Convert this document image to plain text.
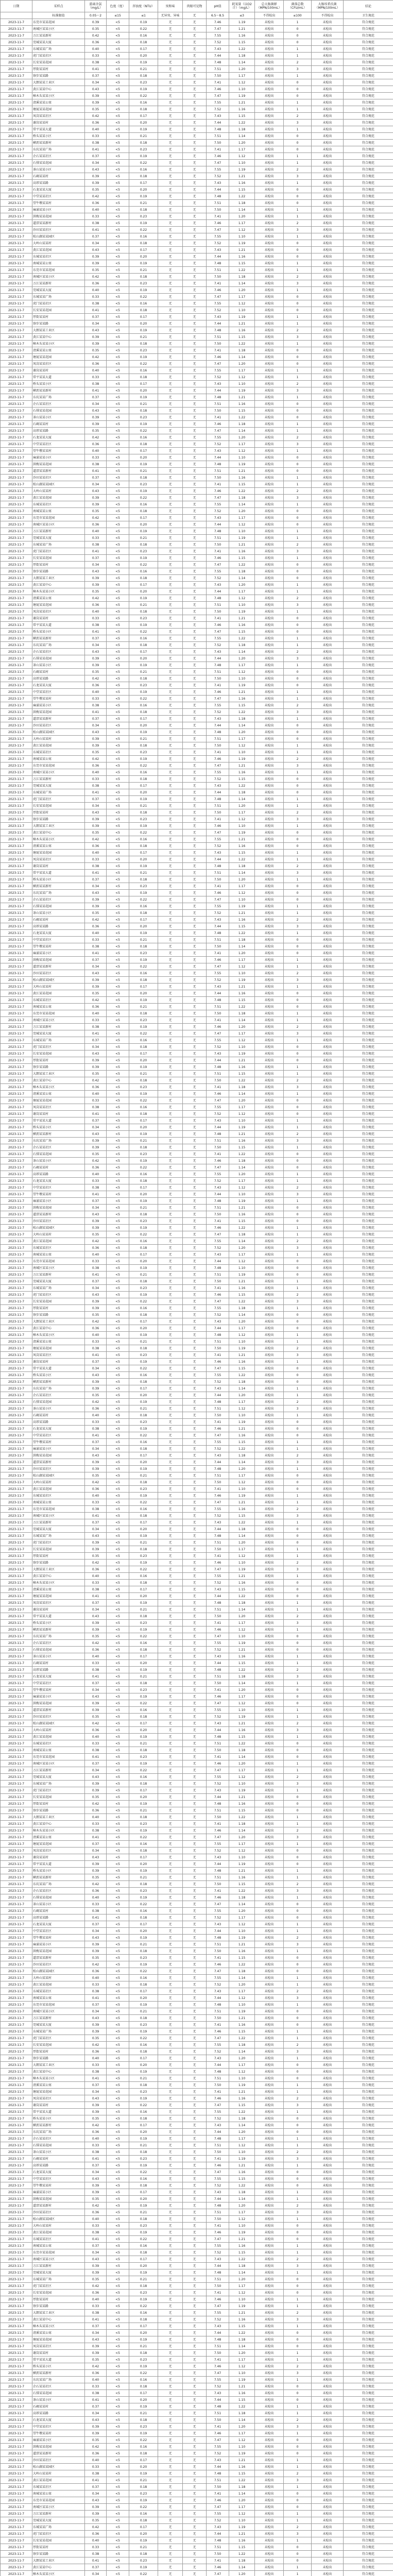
日期	采样点	游离余氯（mg/L）	色度（度）	浑浊度（NTU）	臭和味	肉眼可见物	pH值	耗氧量（以O2计）（mg/L）	总大肠菌群（MPN/100mL）	菌落总数（CFU/mL）	大肠埃希氏菌（MPN/100mL）	结论
	标准限值	0.05～2	≤15	≤1	无异臭、异味	无	6.5～8.5	≤3	不得检出	≤100	不得检出	卫生规范
2023-11-7	东莞市某某花园	0.39	<5	0.19	无	无	7.46	1.19	未检出	1	未检出	符合规范
2023-11-7	南城区某某小区	0.35	<5	0.22	无	无	7.47	1.21	未检出	0	未检出	符合规范
2023-11-7	万江某某新村	0.42	<5	0.16	无	无	7.55	1.16	未检出	0	未检出	符合规范
2023-11-7	莞城某某大厦	0.36	<5	0.18	无	无	7.52	1.15	未检出	0	未检出	符合规范
2023-11-7	东城某某广场	0.40	<5	0.17	无	无	7.43	1.22	未检出	1	未检出	符合规范
2023-11-7	虎门某某社区	0.33	<5	0.20	无	无	7.44	1.18	未检出	1	未检出	符合规范
2023-11-7	长安某某花园	0.38	<5	0.19	无	无	7.48	1.14	未检出	2	未检出	符合规范
2023-11-7	厚街某某村	0.41	<5	0.21	无	无	7.51	1.20	未检出	3	未检出	符合规范
2023-11-7	寮步某某路	0.37	<5	0.18	无	无	7.50	1.17	未检出	1	未检出	符合规范
2023-11-7	大朗某某工业区	0.34	<5	0.23	无	无	7.41	1.12	未检出	0	未检出	符合规范
2023-11-7	黄江某某中心	0.43	<5	0.19	无	无	7.46	1.10	未检出	0	未检出	符合规范
2023-11-7	樟木头某某小区	0.39	<5	0.22	无	无	7.47	1.19	未检出	0	未检出	符合规范
2023-11-7	清溪某某公寓	0.39	<5	0.16	无	无	7.55	1.21	未检出	1	未检出	符合规范
2023-11-7	塘厦某某花园	0.35	<5	0.18	无	无	7.52	1.16	未检出	1	未检出	符合规范
2023-11-7	凤岗某某社区	0.42	<5	0.17	无	无	7.43	1.15	未检出	2	未检出	符合规范
2023-11-7	谢岗某某村	0.36	<5	0.20	无	无	7.44	1.22	未检出	3	未检出	符合规范
2023-11-7	常平某某大道	0.40	<5	0.19	无	无	7.48	1.18	未检出	1	未检出	符合规范
2023-11-7	桥头某某小区	0.33	<5	0.21	无	无	7.51	1.14	未检出	0	未检出	符合规范
2023-11-7	横沥某某新村	0.38	<5	0.18	无	无	7.50	1.20	未检出	0	未检出	符合规范
2023-11-7	东坑某某广场	0.41	<5	0.23	无	无	7.41	1.17	未检出	0	未检出	符合规范
2023-11-7	企石某某社区	0.37	<5	0.19	无	无	7.46	1.12	未检出	1	未检出	符合规范
2023-11-7	石排某某花园	0.34	<5	0.22	无	无	7.47	1.10	未检出	1	未检出	符合规范
2023-11-7	茶山某某小区	0.43	<5	0.16	无	无	7.55	1.19	未检出	2	未检出	符合规范
2023-11-7	石碣某某村	0.39	<5	0.18	无	无	7.52	1.21	未检出	3	未检出	符合规范
2023-11-7	高埗某某路	0.39	<5	0.17	无	无	7.43	1.16	未检出	1	未检出	符合规范
2023-11-7	石龙某某大厦	0.35	<5	0.20	无	无	7.44	1.15	未检出	0	未检出	符合规范
2023-11-7	中堂某某社区	0.42	<5	0.19	无	无	7.48	1.22	未检出	0	未检出	符合规范
2023-11-7	望牛墩某某村	0.36	<5	0.21	无	无	7.51	1.18	未检出	0	未检出	符合规范
2023-11-7	麻涌某某小区	0.40	<5	0.18	无	无	7.50	1.14	未检出	1	未检出	符合规范
2023-11-7	洪梅某某花园	0.33	<5	0.23	无	无	7.41	1.20	未检出	1	未检出	符合规范
2023-11-7	道滘某某新村	0.38	<5	0.19	无	无	7.46	1.17	未检出	2	未检出	符合规范
2023-11-7	沙田某某社区	0.41	<5	0.22	无	无	7.47	1.12	未检出	3	未检出	符合规范
2023-11-7	松山湖某某园区	0.37	<5	0.16	无	无	7.55	1.10	未检出	1	未检出	符合规范
2023-11-7	大岭山某某村	0.34	<5	0.18	无	无	7.52	1.19	未检出	0	未检出	符合规范
2023-11-7	黄江某某花园	0.43	<5	0.17	无	无	7.43	1.21	未检出	0	未检出	符合规范
2023-11-7	东城某某社区	0.39	<5	0.20	无	无	7.44	1.16	未检出	0	未检出	符合规范
2023-11-7	南城某某公寓	0.39	<5	0.19	无	无	7.48	1.15	未检出	1	未检出	符合规范
2023-11-7	东莞市某某花园	0.35	<5	0.21	无	无	7.51	1.22	未检出	1	未检出	符合规范
2023-11-7	南城区某某小区	0.42	<5	0.18	无	无	7.50	1.18	未检出	2	未检出	符合规范
2023-11-7	万江某某新村	0.36	<5	0.23	无	无	7.41	1.14	未检出	3	未检出	符合规范
2023-11-7	莞城某某大厦	0.40	<5	0.19	无	无	7.46	1.20	未检出	1	未检出	符合规范
2023-11-7	东城某某广场	0.33	<5	0.22	无	无	7.47	1.17	未检出	0	未检出	符合规范
2023-11-7	虎门某某社区	0.38	<5	0.16	无	无	7.55	1.12	未检出	0	未检出	符合规范
2023-11-7	长安某某花园	0.41	<5	0.18	无	无	7.52	1.10	未检出	0	未检出	符合规范
2023-11-7	厚街某某村	0.37	<5	0.17	无	无	7.43	1.19	未检出	1	未检出	符合规范
2023-11-7	寮步某某路	0.34	<5	0.20	无	无	7.44	1.21	未检出	1	未检出	符合规范
2023-11-7	大朗某某工业区	0.43	<5	0.19	无	无	7.48	1.16	未检出	2	未检出	符合规范
2023-11-7	黄江某某中心	0.39	<5	0.21	无	无	7.51	1.15	未检出	3	未检出	符合规范
2023-11-7	樟木头某某小区	0.39	<5	0.18	无	无	7.50	1.22	未检出	1	未检出	符合规范
2023-11-7	清溪某某公寓	0.35	<5	0.23	无	无	7.41	1.18	未检出	0	未检出	符合规范
2023-11-7	塘厦某某花园	0.42	<5	0.19	无	无	7.46	1.14	未检出	0	未检出	符合规范
2023-11-7	凤岗某某社区	0.36	<5	0.22	无	无	7.47	1.20	未检出	0	未检出	符合规范
2023-11-7	谢岗某某村	0.40	<5	0.16	无	无	7.55	1.17	未检出	1	未检出	符合规范
2023-11-7	常平某某大道	0.33	<5	0.18	无	无	7.52	1.12	未检出	1	未检出	符合规范
2023-11-7	桥头某某小区	0.38	<5	0.17	无	无	7.43	1.10	未检出	2	未检出	符合规范
2023-11-7	横沥某某新村	0.41	<5	0.20	无	无	7.44	1.19	未检出	3	未检出	符合规范
2023-11-7	东坑某某广场	0.37	<5	0.19	无	无	7.48	1.21	未检出	1	未检出	符合规范
2023-11-7	企石某某社区	0.34	<5	0.21	无	无	7.51	1.16	未检出	0	未检出	符合规范
2023-11-7	石排某某花园	0.43	<5	0.18	无	无	7.50	1.15	未检出	0	未检出	符合规范
2023-11-7	茶山某某小区	0.39	<5	0.23	无	无	7.41	1.22	未检出	0	未检出	符合规范
2023-11-7	石碣某某村	0.39	<5	0.19	无	无	7.46	1.18	未检出	1	未检出	符合规范
2023-11-7	高埗某某路	0.35	<5	0.22	无	无	7.47	1.14	未检出	1	未检出	符合规范
2023-11-7	石龙某某大厦	0.42	<5	0.16	无	无	7.55	1.20	未检出	2	未检出	符合规范
2023-11-7	中堂某某社区	0.36	<5	0.18	无	无	7.52	1.17	未检出	3	未检出	符合规范
2023-11-7	望牛墩某某村	0.40	<5	0.17	无	无	7.43	1.12	未检出	1	未检出	符合规范
2023-11-7	麻涌某某小区	0.33	<5	0.20	无	无	7.44	1.10	未检出	0	未检出	符合规范
2023-11-7	洪梅某某花园	0.38	<5	0.19	无	无	7.48	1.19	未检出	0	未检出	符合规范
2023-11-7	道滘某某新村	0.41	<5	0.21	无	无	7.51	1.21	未检出	0	未检出	符合规范
2023-11-7	沙田某某社区	0.37	<5	0.18	无	无	7.50	1.16	未检出	1	未检出	符合规范
2023-11-7	松山湖某某园区	0.34	<5	0.23	无	无	7.41	1.15	未检出	1	未检出	符合规范
2023-11-7	大岭山某某村	0.43	<5	0.19	无	无	7.46	1.22	未检出	2	未检出	符合规范
2023-11-7	黄江某某花园	0.39	<5	0.22	无	无	7.47	1.18	未检出	3	未检出	符合规范
2023-11-7	东城某某社区	0.39	<5	0.16	无	无	7.55	1.14	未检出	1	未检出	符合规范
2023-11-7	南城某某公寓	0.35	<5	0.18	无	无	7.52	1.20	未检出	0	未检出	符合规范
2023-11-7	东莞市某某花园	0.42	<5	0.17	无	无	7.43	1.17	未检出	0	未检出	符合规范
2023-11-7	南城区某某小区	0.36	<5	0.20	无	无	7.44	1.12	未检出	0	未检出	符合规范
2023-11-7	万江某某新村	0.40	<5	0.19	无	无	7.48	1.10	未检出	1	未检出	符合规范
2023-11-7	莞城某某大厦	0.33	<5	0.21	无	无	7.51	1.19	未检出	1	未检出	符合规范
2023-11-7	东城某某广场	0.38	<5	0.18	无	无	7.50	1.21	未检出	2	未检出	符合规范
2023-11-7	虎门某某社区	0.41	<5	0.23	无	无	7.41	1.16	未检出	3	未检出	符合规范
2023-11-7	长安某某花园	0.37	<5	0.19	无	无	7.46	1.15	未检出	1	未检出	符合规范
2023-11-7	厚街某某村	0.34	<5	0.22	无	无	7.47	1.22	未检出	0	未检出	符合规范
2023-11-7	寮步某某路	0.43	<5	0.16	无	无	7.55	1.18	未检出	0	未检出	符合规范
2023-11-7	大朗某某工业区	0.39	<5	0.18	无	无	7.52	1.14	未检出	0	未检出	符合规范
2023-11-7	黄江某某中心	0.39	<5	0.17	无	无	7.43	1.20	未检出	1	未检出	符合规范
2023-11-7	樟木头某某小区	0.35	<5	0.20	无	无	7.44	1.17	未检出	1	未检出	符合规范
2023-11-7	清溪某某公寓	0.42	<5	0.19	无	无	7.48	1.12	未检出	2	未检出	符合规范
2023-11-7	塘厦某某花园	0.36	<5	0.21	无	无	7.51	1.10	未检出	3	未检出	符合规范
2023-11-7	凤岗某某社区	0.40	<5	0.18	无	无	7.50	1.19	未检出	1	未检出	符合规范
2023-11-7	谢岗某某村	0.33	<5	0.23	无	无	7.41	1.21	未检出	0	未检出	符合规范
2023-11-7	常平某某大道	0.38	<5	0.19	无	无	7.46	1.16	未检出	0	未检出	符合规范
2023-11-7	桥头某某小区	0.41	<5	0.22	无	无	7.47	1.15	未检出	0	未检出	符合规范
2023-11-7	横沥某某新村	0.37	<5	0.16	无	无	7.55	1.22	未检出	1	未检出	符合规范
2023-11-7	东坑某某广场	0.34	<5	0.18	无	无	7.52	1.18	未检出	1	未检出	符合规范
2023-11-7	企石某某社区	0.43	<5	0.17	无	无	7.43	1.14	未检出	2	未检出	符合规范
2023-11-7	石排某某花园	0.39	<5	0.20	无	无	7.44	1.20	未检出	3	未检出	符合规范
2023-11-7	茶山某某小区	0.39	<5	0.19	无	无	7.48	1.17	未检出	1	未检出	符合规范
2023-11-7	石碣某某村	0.35	<5	0.21	无	无	7.51	1.12	未检出	0	未检出	符合规范
2023-11-7	高埗某某路	0.42	<5	0.18	无	无	7.50	1.10	未检出	0	未检出	符合规范
2023-11-7	石龙某某大厦	0.36	<5	0.23	无	无	7.41	1.19	未检出	0	未检出	符合规范
2023-11-7	中堂某某社区	0.40	<5	0.19	无	无	7.46	1.21	未检出	1	未检出	符合规范
2023-11-7	望牛墩某某村	0.33	<5	0.22	无	无	7.47	1.16	未检出	1	未检出	符合规范
2023-11-7	麻涌某某小区	0.38	<5	0.16	无	无	7.55	1.15	未检出	2	未检出	符合规范
2023-11-7	洪梅某某花园	0.41	<5	0.18	无	无	7.52	1.22	未检出	3	未检出	符合规范
2023-11-7	道滘某某新村	0.37	<5	0.17	无	无	7.43	1.18	未检出	1	未检出	符合规范
2023-11-7	沙田某某社区	0.34	<5	0.20	无	无	7.44	1.14	未检出	0	未检出	符合规范
2023-11-7	松山湖某某园区	0.43	<5	0.19	无	无	7.48	1.20	未检出	0	未检出	符合规范
2023-11-7	大岭山某某村	0.39	<5	0.21	无	无	7.51	1.17	未检出	0	未检出	符合规范
2023-11-7	黄江某某花园	0.39	<5	0.18	无	无	7.50	1.12	未检出	1	未检出	符合规范
2023-11-7	东城某某社区	0.35	<5	0.23	无	无	7.41	1.10	未检出	1	未检出	符合规范
2023-11-7	南城某某公寓	0.42	<5	0.19	无	无	7.46	1.19	未检出	2	未检出	符合规范
2023-11-7	东莞市某某花园	0.36	<5	0.22	无	无	7.47	1.21	未检出	3	未检出	符合规范
2023-11-7	南城区某某小区	0.40	<5	0.16	无	无	7.55	1.16	未检出	1	未检出	符合规范
2023-11-7	万江某某新村	0.33	<5	0.18	无	无	7.52	1.15	未检出	0	未检出	符合规范
2023-11-7	莞城某某大厦	0.38	<5	0.17	无	无	7.43	1.22	未检出	0	未检出	符合规范
2023-11-7	东城某某广场	0.41	<5	0.20	无	无	7.44	1.18	未检出	0	未检出	符合规范
2023-11-7	虎门某某社区	0.37	<5	0.19	无	无	7.48	1.14	未检出	1	未检出	符合规范
2023-11-7	长安某某花园	0.34	<5	0.21	无	无	7.51	1.20	未检出	1	未检出	符合规范
2023-11-7	厚街某某村	0.43	<5	0.18	无	无	7.50	1.17	未检出	2	未检出	符合规范
2023-11-7	寮步某某路	0.39	<5	0.23	无	无	7.41	1.12	未检出	3	未检出	符合规范
2023-11-7	大朗某某工业区	0.39	<5	0.19	无	无	7.46	1.10	未检出	1	未检出	符合规范
2023-11-7	黄江某某中心	0.35	<5	0.22	无	无	7.47	1.19	未检出	0	未检出	符合规范
2023-11-7	樟木头某某小区	0.42	<5	0.16	无	无	7.55	1.21	未检出	0	未检出	符合规范
2023-11-7	清溪某某公寓	0.36	<5	0.18	无	无	7.52	1.16	未检出	0	未检出	符合规范
2023-11-7	塘厦某某花园	0.40	<5	0.17	无	无	7.43	1.15	未检出	1	未检出	符合规范
2023-11-7	凤岗某某社区	0.33	<5	0.20	无	无	7.44	1.22	未检出	1	未检出	符合规范
2023-11-7	谢岗某某村	0.38	<5	0.19	无	无	7.48	1.18	未检出	2	未检出	符合规范
2023-11-7	常平某某大道	0.41	<5	0.21	无	无	7.51	1.14	未检出	3	未检出	符合规范
2023-11-7	桥头某某小区	0.37	<5	0.18	无	无	7.50	1.20	未检出	1	未检出	符合规范
2023-11-7	横沥某某新村	0.34	<5	0.23	无	无	7.41	1.17	未检出	0	未检出	符合规范
2023-11-7	东坑某某广场	0.43	<5	0.19	无	无	7.46	1.12	未检出	0	未检出	符合规范
2023-11-7	企石某某社区	0.39	<5	0.22	无	无	7.47	1.10	未检出	0	未检出	符合规范
2023-11-7	石排某某花园	0.39	<5	0.16	无	无	7.55	1.19	未检出	1	未检出	符合规范
2023-11-7	茶山某某小区	0.35	<5	0.18	无	无	7.52	1.21	未检出	1	未检出	符合规范
2023-11-7	石碣某某村	0.42	<5	0.17	无	无	7.43	1.16	未检出	2	未检出	符合规范
2023-11-7	高埗某某路	0.36	<5	0.20	无	无	7.44	1.15	未检出	3	未检出	符合规范
2023-11-7	石龙某某大厦	0.40	<5	0.19	无	无	7.48	1.22	未检出	1	未检出	符合规范
2023-11-7	中堂某某社区	0.33	<5	0.21	无	无	7.51	1.18	未检出	0	未检出	符合规范
2023-11-7	望牛墩某某村	0.38	<5	0.18	无	无	7.50	1.14	未检出	0	未检出	符合规范
2023-11-7	麻涌某某小区	0.41	<5	0.23	无	无	7.41	1.20	未检出	0	未检出	符合规范
2023-11-7	洪梅某某花园	0.37	<5	0.19	无	无	7.46	1.17	未检出	1	未检出	符合规范
2023-11-7	道滘某某新村	0.34	<5	0.22	无	无	7.47	1.12	未检出	1	未检出	符合规范
2023-11-7	沙田某某社区	0.43	<5	0.16	无	无	7.55	1.10	未检出	2	未检出	符合规范
2023-11-7	松山湖某某园区	0.39	<5	0.18	无	无	7.52	1.19	未检出	3	未检出	符合规范
2023-11-7	大岭山某某村	0.39	<5	0.17	无	无	7.43	1.21	未检出	1	未检出	符合规范
2023-11-7	黄江某某花园	0.35	<5	0.20	无	无	7.44	1.16	未检出	0	未检出	符合规范
2023-11-7	东城某某社区	0.42	<5	0.19	无	无	7.48	1.15	未检出	0	未检出	符合规范
2023-11-7	南城某某公寓	0.36	<5	0.21	无	无	7.51	1.22	未检出	0	未检出	符合规范
2023-11-7	东莞市某某花园	0.40	<5	0.18	无	无	7.50	1.18	未检出	1	未检出	符合规范
2023-11-7	南城区某某小区	0.33	<5	0.23	无	无	7.41	1.14	未检出	1	未检出	符合规范
2023-11-7	万江某某新村	0.38	<5	0.19	无	无	7.46	1.20	未检出	2	未检出	符合规范
2023-11-7	莞城某某大厦	0.41	<5	0.22	无	无	7.47	1.17	未检出	3	未检出	符合规范
2023-11-7	东城某某广场	0.37	<5	0.16	无	无	7.55	1.12	未检出	1	未检出	符合规范
2023-11-7	虎门某某社区	0.34	<5	0.18	无	无	7.52	1.10	未检出	0	未检出	符合规范
2023-11-7	长安某某花园	0.43	<5	0.17	无	无	7.43	1.19	未检出	0	未检出	符合规范
2023-11-7	厚街某某村	0.39	<5	0.20	无	无	7.44	1.21	未检出	0	未检出	符合规范
2023-11-7	寮步某某路	0.39	<5	0.19	无	无	7.48	1.16	未检出	1	未检出	符合规范
2023-11-7	大朗某某工业区	0.35	<5	0.21	无	无	7.51	1.15	未检出	1	未检出	符合规范
2023-11-7	黄江某某中心	0.42	<5	0.18	无	无	7.50	1.22	未检出	2	未检出	符合规范
2023-11-7	樟木头某某小区	0.36	<5	0.23	无	无	7.41	1.18	未检出	3	未检出	符合规范
2023-11-7	清溪某某公寓	0.40	<5	0.19	无	无	7.46	1.14	未检出	1	未检出	符合规范
2023-11-7	塘厦某某花园	0.33	<5	0.22	无	无	7.47	1.20	未检出	0	未检出	符合规范
2023-11-7	凤岗某某社区	0.38	<5	0.16	无	无	7.55	1.17	未检出	0	未检出	符合规范
2023-11-7	谢岗某某村	0.41	<5	0.18	无	无	7.52	1.12	未检出	0	未检出	符合规范
2023-11-7	常平某某大道	0.37	<5	0.17	无	无	7.43	1.10	未检出	1	未检出	符合规范
2023-11-7	桥头某某小区	0.34	<5	0.20	无	无	7.44	1.19	未检出	1	未检出	符合规范
2023-11-7	横沥某某新村	0.43	<5	0.19	无	无	7.48	1.21	未检出	2	未检出	符合规范
2023-11-7	东坑某某广场	0.39	<5	0.21	无	无	7.51	1.16	未检出	3	未检出	符合规范
2023-11-7	企石某某社区	0.39	<5	0.18	无	无	7.50	1.15	未检出	1	未检出	符合规范
2023-11-7	石排某某花园	0.35	<5	0.23	无	无	7.41	1.22	未检出	0	未检出	符合规范
2023-11-7	茶山某某小区	0.42	<5	0.19	无	无	7.46	1.18	未检出	0	未检出	符合规范
2023-11-7	石碣某某村	0.36	<5	0.22	无	无	7.47	1.14	未检出	0	未检出	符合规范
2023-11-7	高埗某某路	0.40	<5	0.16	无	无	7.55	1.20	未检出	1	未检出	符合规范
2023-11-7	石龙某某大厦	0.33	<5	0.18	无	无	7.52	1.17	未检出	1	未检出	符合规范
2023-11-7	中堂某某社区	0.38	<5	0.17	无	无	7.43	1.12	未检出	2	未检出	符合规范
2023-11-7	望牛墩某某村	0.41	<5	0.20	无	无	7.44	1.10	未检出	3	未检出	符合规范
2023-11-7	麻涌某某小区	0.37	<5	0.19	无	无	7.48	1.19	未检出	1	未检出	符合规范
2023-11-7	洪梅某某花园	0.34	<5	0.21	无	无	7.51	1.21	未检出	0	未检出	符合规范
2023-11-7	道滘某某新村	0.43	<5	0.18	无	无	7.50	1.16	未检出	0	未检出	符合规范
2023-11-7	沙田某某社区	0.39	<5	0.23	无	无	7.41	1.15	未检出	0	未检出	符合规范
2023-11-7	松山湖某某园区	0.39	<5	0.19	无	无	7.46	1.22	未检出	1	未检出	符合规范
2023-11-7	大岭山某某村	0.35	<5	0.22	无	无	7.47	1.18	未检出	1	未检出	符合规范
2023-11-7	黄江某某花园	0.42	<5	0.16	无	无	7.55	1.14	未检出	2	未检出	符合规范
2023-11-7	东城某某社区	0.36	<5	0.18	无	无	7.52	1.20	未检出	3	未检出	符合规范
2023-11-7	南城某某公寓	0.40	<5	0.17	无	无	7.43	1.17	未检出	1	未检出	符合规范
2023-11-7	东莞市某某花园	0.33	<5	0.20	无	无	7.44	1.12	未检出	0	未检出	符合规范
2023-11-7	南城区某某小区	0.38	<5	0.19	无	无	7.48	1.10	未检出	0	未检出	符合规范
2023-11-7	万江某某新村	0.41	<5	0.21	无	无	7.51	1.19	未检出	0	未检出	符合规范
2023-11-7	莞城某某大厦	0.37	<5	0.18	无	无	7.50	1.21	未检出	1	未检出	符合规范
2023-11-7	东城某某广场	0.34	<5	0.23	无	无	7.41	1.16	未检出	1	未检出	符合规范
2023-11-7	虎门某某社区	0.43	<5	0.19	无	无	7.46	1.15	未检出	2	未检出	符合规范
2023-11-7	长安某某花园	0.39	<5	0.22	无	无	7.47	1.22	未检出	3	未检出	符合规范
2023-11-7	厚街某某村	0.39	<5	0.16	无	无	7.55	1.18	未检出	1	未检出	符合规范
2023-11-7	寮步某某路	0.35	<5	0.18	无	无	7.52	1.14	未检出	0	未检出	符合规范
2023-11-7	大朗某某工业区	0.42	<5	0.17	无	无	7.43	1.20	未检出	0	未检出	符合规范
2023-11-7	黄江某某中心	0.36	<5	0.20	无	无	7.44	1.17	未检出	0	未检出	符合规范
2023-11-7	樟木头某某小区	0.40	<5	0.19	无	无	7.48	1.12	未检出	1	未检出	符合规范
2023-11-7	清溪某某公寓	0.33	<5	0.21	无	无	7.51	1.10	未检出	1	未检出	符合规范
2023-11-7	塘厦某某花园	0.38	<5	0.18	无	无	7.50	1.19	未检出	2	未检出	符合规范
2023-11-7	凤岗某某社区	0.41	<5	0.23	无	无	7.41	1.21	未检出	3	未检出	符合规范
2023-11-7	谢岗某某村	0.37	<5	0.19	无	无	7.46	1.16	未检出	1	未检出	符合规范
2023-11-7	常平某某大道	0.34	<5	0.22	无	无	7.47	1.15	未检出	0	未检出	符合规范
2023-11-7	桥头某某小区	0.43	<5	0.16	无	无	7.55	1.22	未检出	0	未检出	符合规范
2023-11-7	横沥某某新村	0.39	<5	0.18	无	无	7.52	1.18	未检出	0	未检出	符合规范
2023-11-7	东坑某某广场	0.39	<5	0.17	无	无	7.43	1.14	未检出	1	未检出	符合规范
2023-11-7	企石某某社区	0.35	<5	0.20	无	无	7.44	1.20	未检出	1	未检出	符合规范
2023-11-7	石排某某花园	0.42	<5	0.19	无	无	7.48	1.17	未检出	2	未检出	符合规范
2023-11-7	茶山某某小区	0.36	<5	0.21	无	无	7.51	1.12	未检出	3	未检出	符合规范
2023-11-7	石碣某某村	0.40	<5	0.18	无	无	7.50	1.10	未检出	1	未检出	符合规范
2023-11-7	高埗某某路	0.33	<5	0.23	无	无	7.41	1.19	未检出	0	未检出	符合规范
2023-11-7	石龙某某大厦	0.38	<5	0.19	无	无	7.46	1.21	未检出	0	未检出	符合规范
2023-11-7	中堂某某社区	0.41	<5	0.22	无	无	7.47	1.16	未检出	0	未检出	符合规范
2023-11-7	望牛墩某某村	0.37	<5	0.16	无	无	7.55	1.15	未检出	1	未检出	符合规范
2023-11-7	麻涌某某小区	0.34	<5	0.18	无	无	7.52	1.22	未检出	1	未检出	符合规范
2023-11-7	洪梅某某花园	0.43	<5	0.17	无	无	7.43	1.18	未检出	2	未检出	符合规范
2023-11-7	道滘某某新村	0.39	<5	0.20	无	无	7.44	1.14	未检出	3	未检出	符合规范
2023-11-7	沙田某某社区	0.39	<5	0.19	无	无	7.48	1.20	未检出	1	未检出	符合规范
2023-11-7	松山湖某某园区	0.35	<5	0.21	无	无	7.51	1.17	未检出	0	未检出	符合规范
2023-11-7	大岭山某某村	0.42	<5	0.18	无	无	7.50	1.12	未检出	0	未检出	符合规范
2023-11-7	黄江某某花园	0.36	<5	0.23	无	无	7.41	1.10	未检出	0	未检出	符合规范
2023-11-7	东城某某社区	0.40	<5	0.19	无	无	7.46	1.19	未检出	1	未检出	符合规范
2023-11-7	南城某某公寓	0.33	<5	0.22	无	无	7.47	1.21	未检出	1	未检出	符合规范
2023-11-7	东莞市某某花园	0.38	<5	0.16	无	无	7.55	1.16	未检出	2	未检出	符合规范
2023-11-7	南城区某某小区	0.41	<5	0.18	无	无	7.52	1.15	未检出	3	未检出	符合规范
2023-11-7	万江某某新村	0.37	<5	0.17	无	无	7.43	1.22	未检出	1	未检出	符合规范
2023-11-7	莞城某某大厦	0.34	<5	0.20	无	无	7.44	1.18	未检出	0	未检出	符合规范
2023-11-7	东城某某广场	0.43	<5	0.19	无	无	7.48	1.14	未检出	0	未检出	符合规范
2023-11-7	虎门某某社区	0.39	<5	0.21	无	无	7.51	1.20	未检出	0	未检出	符合规范
2023-11-7	长安某某花园	0.39	<5	0.18	无	无	7.50	1.17	未检出	1	未检出	符合规范
2023-11-7	厚街某某村	0.35	<5	0.23	无	无	7.41	1.12	未检出	1	未检出	符合规范
2023-11-7	寮步某某路	0.42	<5	0.19	无	无	7.46	1.10	未检出	2	未检出	符合规范
2023-11-7	大朗某某工业区	0.36	<5	0.22	无	无	7.47	1.19	未检出	3	未检出	符合规范
2023-11-7	黄江某某中心	0.40	<5	0.16	无	无	7.55	1.21	未检出	1	未检出	符合规范
2023-11-7	樟木头某某小区	0.33	<5	0.18	无	无	7.52	1.16	未检出	0	未检出	符合规范
2023-11-7	清溪某某公寓	0.38	<5	0.17	无	无	7.43	1.15	未检出	0	未检出	符合规范
2023-11-7	塘厦某某花园	0.41	<5	0.20	无	无	7.44	1.22	未检出	0	未检出	符合规范
2023-11-7	凤岗某某社区	0.37	<5	0.19	无	无	7.48	1.18	未检出	1	未检出	符合规范
2023-11-7	谢岗某某村	0.34	<5	0.21	无	无	7.51	1.14	未检出	1	未检出	符合规范
2023-11-7	常平某某大道	0.43	<5	0.18	无	无	7.50	1.20	未检出	2	未检出	符合规范
2023-11-7	桥头某某小区	0.39	<5	0.23	无	无	7.41	1.17	未检出	3	未检出	符合规范
2023-11-7	横沥某某新村	0.39	<5	0.19	无	无	7.46	1.12	未检出	1	未检出	符合规范
2023-11-7	东坑某某广场	0.35	<5	0.22	无	无	7.47	1.10	未检出	0	未检出	符合规范
2023-11-7	企石某某社区	0.42	<5	0.16	无	无	7.55	1.19	未检出	0	未检出	符合规范
2023-11-7	石排某某花园	0.36	<5	0.18	无	无	7.52	1.21	未检出	0	未检出	符合规范
2023-11-7	茶山某某小区	0.40	<5	0.17	无	无	7.43	1.16	未检出	1	未检出	符合规范
2023-11-7	石碣某某村	0.33	<5	0.20	无	无	7.44	1.15	未检出	1	未检出	符合规范
2023-11-7	高埗某某路	0.38	<5	0.19	无	无	7.48	1.22	未检出	2	未检出	符合规范
2023-11-7	石龙某某大厦	0.41	<5	0.21	无	无	7.51	1.18	未检出	3	未检出	符合规范
2023-11-7	中堂某某社区	0.37	<5	0.18	无	无	7.50	1.14	未检出	1	未检出	符合规范
2023-11-7	望牛墩某某村	0.34	<5	0.23	无	无	7.41	1.20	未检出	0	未检出	符合规范
2023-11-7	麻涌某某小区	0.43	<5	0.19	无	无	7.46	1.17	未检出	0	未检出	符合规范
2023-11-7	洪梅某某花园	0.39	<5	0.22	无	无	7.47	1.12	未检出	0	未检出	符合规范
2023-11-7	道滘某某新村	0.39	<5	0.16	无	无	7.55	1.10	未检出	1	未检出	符合规范
2023-11-7	沙田某某社区	0.35	<5	0.18	无	无	7.52	1.19	未检出	1	未检出	符合规范
2023-11-7	松山湖某某园区	0.42	<5	0.17	无	无	7.43	1.21	未检出	2	未检出	符合规范
2023-11-7	大岭山某某村	0.36	<5	0.20	无	无	7.44	1.16	未检出	3	未检出	符合规范
2023-11-7	黄江某某花园	0.40	<5	0.19	无	无	7.48	1.15	未检出	1	未检出	符合规范
2023-11-7	东城某某社区	0.33	<5	0.21	无	无	7.51	1.22	未检出	0	未检出	符合规范
2023-11-7	南城某某公寓	0.38	<5	0.18	无	无	7.50	1.18	未检出	0	未检出	符合规范
2023-11-7	东莞市某某花园	0.41	<5	0.23	无	无	7.41	1.14	未检出	0	未检出	符合规范
2023-11-7	南城区某某小区	0.37	<5	0.19	无	无	7.46	1.20	未检出	1	未检出	符合规范
2023-11-7	万江某某新村	0.34	<5	0.22	无	无	7.47	1.17	未检出	1	未检出	符合规范
2023-11-7	莞城某某大厦	0.43	<5	0.16	无	无	7.55	1.12	未检出	2	未检出	符合规范
2023-11-7	东城某某广场	0.39	<5	0.18	无	无	7.52	1.10	未检出	3	未检出	符合规范
2023-11-7	虎门某某社区	0.39	<5	0.17	无	无	7.43	1.19	未检出	1	未检出	符合规范
2023-11-7	长安某某花园	0.35	<5	0.20	无	无	7.44	1.21	未检出	0	未检出	符合规范
2023-11-7	厚街某某村	0.42	<5	0.19	无	无	7.48	1.16	未检出	0	未检出	符合规范
2023-11-7	寮步某某路	0.36	<5	0.21	无	无	7.51	1.15	未检出	0	未检出	符合规范
2023-11-7	大朗某某工业区	0.40	<5	0.18	无	无	7.50	1.22	未检出	1	未检出	符合规范
2023-11-7	黄江某某中心	0.33	<5	0.23	无	无	7.41	1.18	未检出	1	未检出	符合规范
2023-11-7	樟木头某某小区	0.38	<5	0.19	无	无	7.46	1.14	未检出	2	未检出	符合规范
2023-11-7	清溪某某公寓	0.41	<5	0.22	无	无	7.47	1.20	未检出	3	未检出	符合规范
2023-11-7	塘厦某某花园	0.37	<5	0.16	无	无	7.55	1.17	未检出	1	未检出	符合规范
2023-11-7	凤岗某某社区	0.34	<5	0.18	无	无	7.52	1.12	未检出	0	未检出	符合规范
2023-11-7	谢岗某某村	0.43	<5	0.17	无	无	7.43	1.10	未检出	0	未检出	符合规范
2023-11-7	常平某某大道	0.39	<5	0.20	无	无	7.44	1.19	未检出	0	未检出	符合规范
2023-11-7	桥头某某小区	0.39	<5	0.19	无	无	7.48	1.21	未检出	1	未检出	符合规范
2023-11-7	横沥某某新村	0.35	<5	0.21	无	无	7.51	1.16	未检出	1	未检出	符合规范
2023-11-7	东坑某某广场	0.42	<5	0.18	无	无	7.50	1.15	未检出	2	未检出	符合规范
2023-11-7	企石某某社区	0.36	<5	0.23	无	无	7.41	1.22	未检出	3	未检出	符合规范
2023-11-7	石排某某花园	0.40	<5	0.19	无	无	7.46	1.18	未检出	1	未检出	符合规范
2023-11-7	茶山某某小区	0.33	<5	0.22	无	无	7.47	1.14	未检出	0	未检出	符合规范
2023-11-7	石碣某某村	0.38	<5	0.16	无	无	7.55	1.20	未检出	0	未检出	符合规范
2023-11-7	高埗某某路	0.41	<5	0.18	无	无	7.52	1.17	未检出	0	未检出	符合规范
2023-11-7	石龙某某大厦	0.37	<5	0.17	无	无	7.43	1.12	未检出	1	未检出	符合规范
2023-11-7	中堂某某社区	0.34	<5	0.20	无	无	7.44	1.10	未检出	1	未检出	符合规范
2023-11-7	望牛墩某某村	0.43	<5	0.19	无	无	7.48	1.19	未检出	2	未检出	符合规范
2023-11-7	麻涌某某小区	0.39	<5	0.21	无	无	7.51	1.21	未检出	3	未检出	符合规范
2023-11-7	洪梅某某花园	0.39	<5	0.18	无	无	7.50	1.16	未检出	1	未检出	符合规范
2023-11-7	道滘某某新村	0.35	<5	0.23	无	无	7.41	1.15	未检出	0	未检出	符合规范
2023-11-7	沙田某某社区	0.42	<5	0.19	无	无	7.46	1.22	未检出	0	未检出	符合规范
2023-11-7	松山湖某某园区	0.36	<5	0.22	无	无	7.47	1.18	未检出	0	未检出	符合规范
2023-11-7	大岭山某某村	0.40	<5	0.16	无	无	7.55	1.14	未检出	1	未检出	符合规范
2023-11-7	黄江某某花园	0.33	<5	0.18	无	无	7.52	1.20	未检出	1	未检出	符合规范
2023-11-7	东城某某社区	0.38	<5	0.17	无	无	7.43	1.17	未检出	2	未检出	符合规范
2023-11-7	南城某某公寓	0.41	<5	0.20	无	无	7.44	1.12	未检出	3	未检出	符合规范
2023-11-7	东莞市某某花园	0.37	<5	0.19	无	无	7.48	1.10	未检出	1	未检出	符合规范
2023-11-7	南城区某某小区	0.34	<5	0.21	无	无	7.51	1.19	未检出	0	未检出	符合规范
2023-11-7	万江某某新村	0.43	<5	0.18	无	无	7.50	1.21	未检出	0	未检出	符合规范
2023-11-7	莞城某某大厦	0.39	<5	0.23	无	无	7.41	1.16	未检出	0	未检出	符合规范
2023-11-7	东城某某广场	0.39	<5	0.19	无	无	7.46	1.15	未检出	1	未检出	符合规范
2023-11-7	虎门某某社区	0.35	<5	0.22	无	无	7.47	1.22	未检出	1	未检出	符合规范
2023-11-7	长安某某花园	0.42	<5	0.16	无	无	7.55	1.18	未检出	2	未检出	符合规范
2023-11-7	厚街某某村	0.36	<5	0.18	无	无	7.52	1.14	未检出	3	未检出	符合规范
2023-11-7	寮步某某路	0.40	<5	0.17	无	无	7.43	1.20	未检出	1	未检出	符合规范
2023-11-7	大朗某某工业区	0.33	<5	0.20	无	无	7.44	1.17	未检出	0	未检出	符合规范
2023-11-7	黄江某某中心	0.38	<5	0.19	无	无	7.48	1.12	未检出	0	未检出	符合规范
2023-11-7	樟木头某某小区	0.41	<5	0.21	无	无	7.51	1.10	未检出	0	未检出	符合规范
2023-11-7	清溪某某公寓	0.37	<5	0.18	无	无	7.50	1.19	未检出	1	未检出	符合规范
2023-11-7	塘厦某某花园	0.34	<5	0.23	无	无	7.41	1.21	未检出	1	未检出	符合规范
2023-11-7	凤岗某某社区	0.43	<5	0.19	无	无	7.46	1.16	未检出	2	未检出	符合规范
2023-11-7	谢岗某某村	0.39	<5	0.22	无	无	7.47	1.15	未检出	3	未检出	符合规范
2023-11-7	常平某某大道	0.39	<5	0.16	无	无	7.55	1.22	未检出	1	未检出	符合规范
2023-11-7	桥头某某小区	0.35	<5	0.18	无	无	7.52	1.18	未检出	0	未检出	符合规范
2023-11-7	横沥某某新村	0.42	<5	0.17	无	无	7.43	1.14	未检出	0	未检出	符合规范
2023-11-7	东坑某某广场	0.36	<5	0.20	无	无	7.44	1.20	未检出	0	未检出	符合规范
2023-11-7	企石某某社区	0.40	<5	0.19	无	无	7.48	1.17	未检出	1	未检出	符合规范
2023-11-7	石排某某花园	0.33	<5	0.21	无	无	7.51	1.12	未检出	1	未检出	符合规范
2023-11-7	茶山某某小区	0.38	<5	0.18	无	无	7.50	1.10	未检出	2	未检出	符合规范
2023-11-7	石碣某某村	0.41	<5	0.23	无	无	7.41	1.19	未检出	3	未检出	符合规范
2023-11-7	高埗某某路	0.37	<5	0.19	无	无	7.46	1.21	未检出	1	未检出	符合规范
2023-11-7	石龙某某大厦	0.34	<5	0.22	无	无	7.47	1.16	未检出	0	未检出	符合规范
2023-11-7	中堂某某社区	0.43	<5	0.16	无	无	7.55	1.15	未检出	0	未检出	符合规范
2023-11-7	望牛墩某某村	0.39	<5	0.18	无	无	7.52	1.22	未检出	0	未检出	符合规范
2023-11-7	麻涌某某小区	0.39	<5	0.17	无	无	7.43	1.18	未检出	1	未检出	符合规范
2023-11-7	洪梅某某花园	0.35	<5	0.20	无	无	7.44	1.14	未检出	1	未检出	符合规范
2023-11-7	道滘某某新村	0.42	<5	0.19	无	无	7.48	1.20	未检出	2	未检出	符合规范
2023-11-7	沙田某某社区	0.36	<5	0.21	无	无	7.51	1.17	未检出	3	未检出	符合规范
2023-11-7	松山湖某某园区	0.40	<5	0.18	无	无	7.50	1.12	未检出	1	未检出	符合规范
2023-11-7	大岭山某某村	0.33	<5	0.23	无	无	7.41	1.10	未检出	0	未检出	符合规范
2023-11-7	黄江某某花园	0.38	<5	0.19	无	无	7.46	1.19	未检出	0	未检出	符合规范
2023-11-7	东城某某社区	0.41	<5	0.22	无	无	7.47	1.21	未检出	0	未检出	符合规范
2023-11-7	南城某某公寓	0.37	<5	0.16	无	无	7.55	1.16	未检出	1	未检出	符合规范
2023-11-7	东莞市某某花园	0.34	<5	0.18	无	无	7.52	1.15	未检出	1	未检出	符合规范
2023-11-7	南城区某某小区	0.43	<5	0.17	无	无	7.43	1.22	未检出	2	未检出	符合规范
2023-11-7	万江某某新村	0.39	<5	0.20	无	无	7.44	1.18	未检出	3	未检出	符合规范
2023-11-7	莞城某某大厦	0.39	<5	0.19	无	无	7.48	1.14	未检出	1	未检出	符合规范
2023-11-7	东城某某广场	0.35	<5	0.21	无	无	7.51	1.20	未检出	0	未检出	符合规范
2023-11-7	虎门某某社区	0.42	<5	0.18	无	无	7.50	1.17	未检出	0	未检出	符合规范
2023-11-7	长安某某花园	0.36	<5	0.23	无	无	7.41	1.12	未检出	0	未检出	符合规范
2023-11-7	厚街某某村	0.40	<5	0.19	无	无	7.46	1.10	未检出	1	未检出	符合规范
2023-11-7	寮步某某路	0.33	<5	0.22	无	无	7.47	1.19	未检出	1	未检出	符合规范
2023-11-7	大朗某某工业区	0.38	<5	0.16	无	无	7.55	1.21	未检出	2	未检出	符合规范
2023-11-7	黄江某某中心	0.41	<5	0.18	无	无	7.52	1.16	未检出	3	未检出	符合规范
2023-11-7	樟木头某某小区	0.37	<5	0.17	无	无	7.43	1.15	未检出	1	未检出	符合规范
2023-11-7	清溪某某公寓	0.34	<5	0.20	无	无	7.44	1.22	未检出	0	未检出	符合规范
2023-11-7	塘厦某某花园	0.43	<5	0.19	无	无	7.48	1.18	未检出	0	未检出	符合规范
2023-11-7	凤岗某某社区	0.39	<5	0.21	无	无	7.51	1.14	未检出	0	未检出	符合规范
2023-11-7	谢岗某某村	0.39	<5	0.18	无	无	7.50	1.20	未检出	1	未检出	符合规范
2023-11-7	常平某某大道	0.35	<5	0.23	无	无	7.41	1.17	未检出	1	未检出	符合规范
2023-11-7	桥头某某小区	0.42	<5	0.19	无	无	7.46	1.12	未检出	2	未检出	符合规范
2023-11-7	横沥某某新村	0.36	<5	0.22	无	无	7.47	1.10	未检出	3	未检出	符合规范
2023-11-7	东坑某某广场	0.40	<5	0.16	无	无	7.55	1.19	未检出	1	未检出	符合规范
2023-11-7	企石某某社区	0.33	<5	0.18	无	无	7.52	1.21	未检出	0	未检出	符合规范
2023-11-7	石排某某花园	0.38	<5	0.17	无	无	7.43	1.16	未检出	0	未检出	符合规范
2023-11-7	茶山某某小区	0.41	<5	0.20	无	无	7.44	1.15	未检出	0	未检出	符合规范
2023-11-7	石碣某某村	0.37	<5	0.19	无	无	7.48	1.22	未检出	1	未检出	符合规范
2023-11-7	高埗某某路	0.34	<5	0.21	无	无	7.51	1.18	未检出	1	未检出	符合规范
2023-11-7	石龙某某大厦	0.43	<5	0.18	无	无	7.50	1.14	未检出	2	未检出	符合规范
2023-11-7	中堂某某社区	0.39	<5	0.23	无	无	7.41	1.20	未检出	3	未检出	符合规范
2023-11-7	望牛墩某某村	0.39	<5	0.19	无	无	7.46	1.17	未检出	1	未检出	符合规范
2023-11-7	麻涌某某小区	0.35	<5	0.22	无	无	7.47	1.12	未检出	0	未检出	符合规范
2023-11-7	洪梅某某花园	0.42	<5	0.16	无	无	7.55	1.10	未检出	0	未检出	符合规范
2023-11-7	道滘某某新村	0.36	<5	0.18	无	无	7.52	1.19	未检出	0	未检出	符合规范
2023-11-7	沙田某某社区	0.40	<5	0.17	无	无	7.43	1.21	未检出	1	未检出	符合规范
2023-11-7	松山湖某某园区	0.33	<5	0.20	无	无	7.44	1.16	未检出	1	未检出	符合规范
2023-11-7	大岭山某某村	0.38	<5	0.19	无	无	7.48	1.15	未检出	2	未检出	符合规范
2023-11-7	黄江某某花园	0.41	<5	0.21	无	无	7.51	1.22	未检出	3	未检出	符合规范
2023-11-7	东城某某社区	0.37	<5	0.18	无	无	7.50	1.18	未检出	1	未检出	符合规范
2023-11-7	南城某某公寓	0.34	<5	0.23	无	无	7.41	1.14	未检出	0	未检出	符合规范
2023-11-7	东莞市某某花园	0.43	<5	0.19	无	无	7.46	1.20	未检出	0	未检出	符合规范
2023-11-7	南城区某某小区	0.39	<5	0.22	无	无	7.47	1.17	未检出	0	未检出	符合规范
2023-11-7	万江某某新村	0.39	<5	0.16	无	无	7.55	1.12	未检出	1	未检出	符合规范
2023-11-7	莞城某某大厦	0.35	<5	0.18	无	无	7.52	1.10	未检出	1	未检出	符合规范
2023-11-7	东城某某广场	0.42	<5	0.17	无	无	7.43	1.19	未检出	2	未检出	符合规范
2023-11-7	虎门某某社区	0.36	<5	0.20	无	无	7.44	1.21	未检出	3	未检出	符合规范
2023-11-7	长安某某花园	0.40	<5	0.19	无	无	7.48	1.16	未检出	1	未检出	符合规范
2023-11-7	厚街某某村	0.33	<5	0.21	无	无	7.51	1.15	未检出	0	未检出	符合规范
2023-11-7	寮步某某路	0.38	<5	0.18	无	无	7.50	1.22	未检出	0	未检出	符合规范
2023-11-7	大朗某某工业区	0.41	<5	0.23	无	无	7.41	1.18	未检出	0	未检出	符合规范
2023-11-7	黄江某某中心	0.37	<5	0.19	无	无	7.46	1.14	未检出	1	未检出	符合规范
2023-11-7	樟木头某某小区	0.34	<5	0.22	无	无	7.47	1.20	未检出	1	未检出	符合规范
